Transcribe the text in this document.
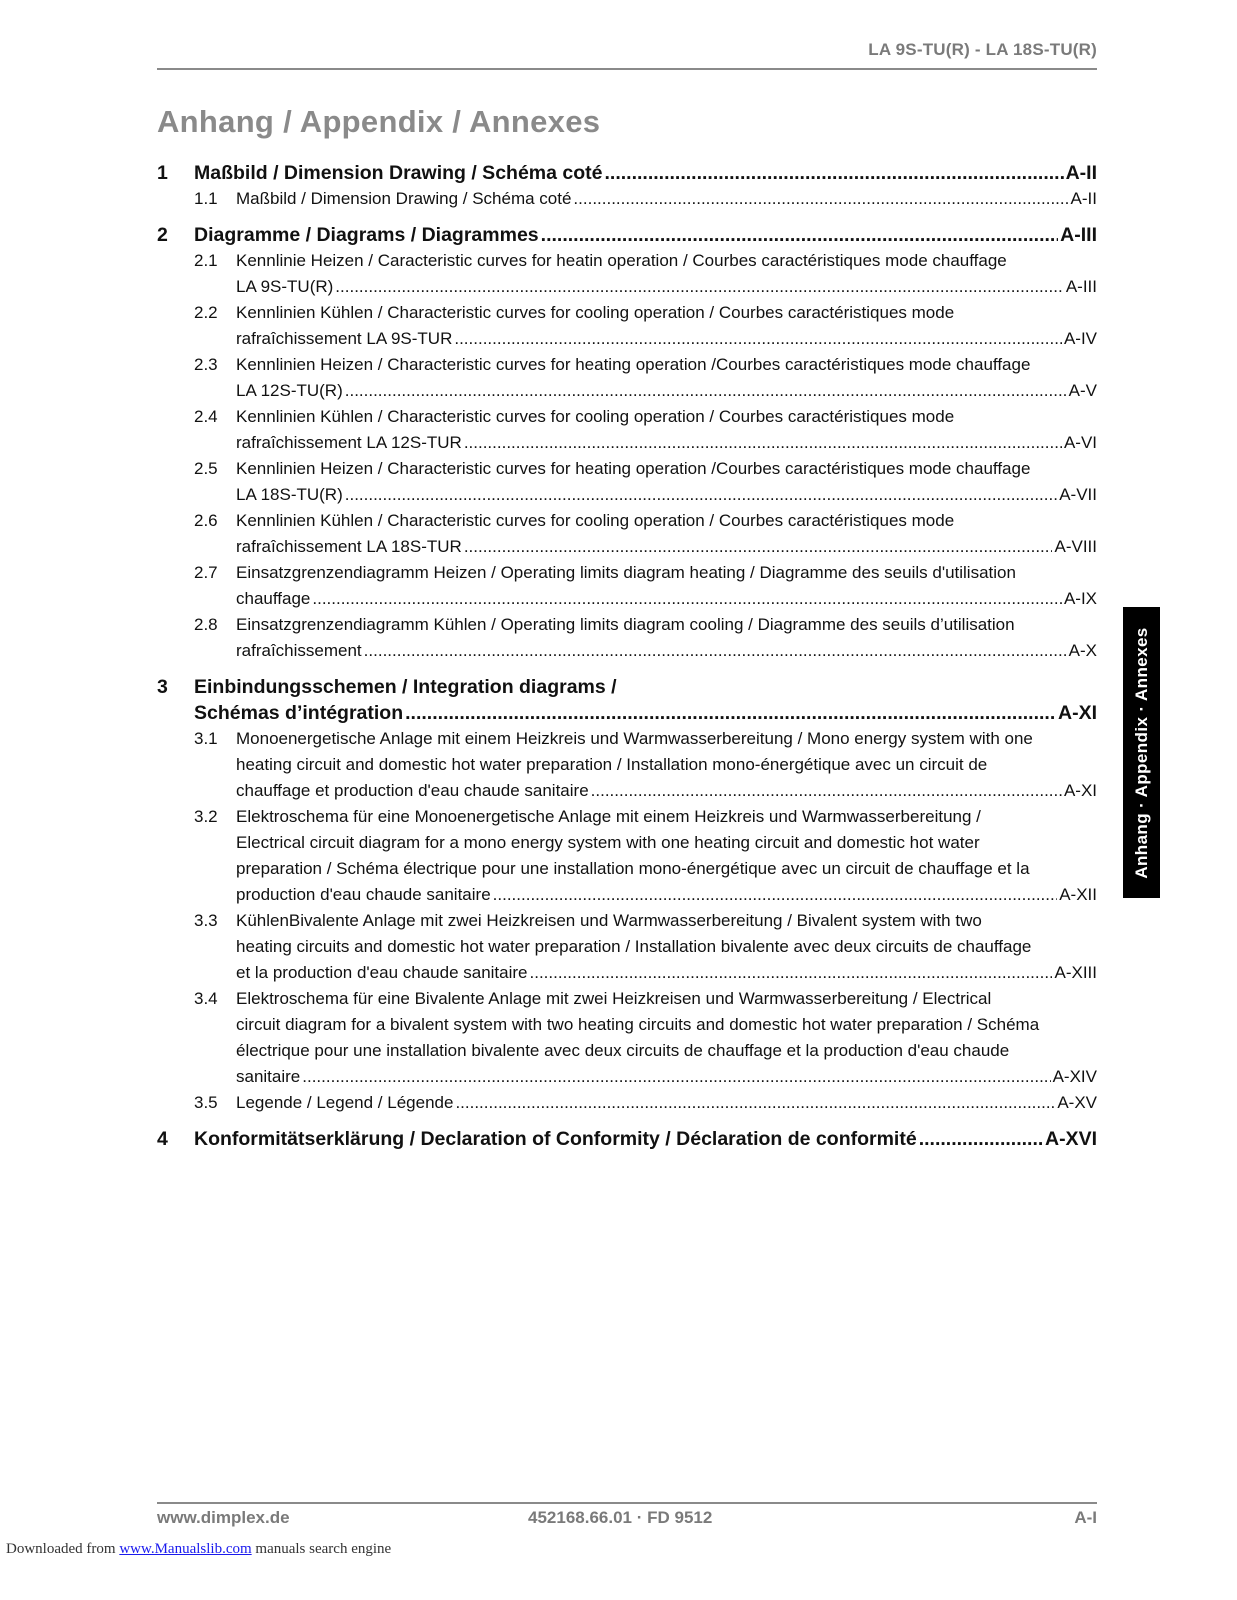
LA 9S-TU(R) - LA 18S-TU(R)
Anhang / Appendix / Annexes
1	Maßbild / Dimension Drawing / Schéma coté .....	A-II
1.1	Maßbild / Dimension Drawing / Schéma coté .....	A-II
2	Diagramme / Diagrams / Diagrammes .....	A-III
2.1	Kennlinie Heizen / Caracteristic curves for heatin operation / Courbes caractéristiques mode chauffage
LA 9S-TU(R) .....	A-III
2.2	Kennlinien Kühlen / Characteristic curves for cooling operation / Courbes caractéristiques mode
rafraîchissement LA 9S-TUR .....	A-IV
2.3	Kennlinien Heizen / Characteristic curves for heating operation /Courbes caractéristiques mode chauffage
LA 12S-TU(R) .....	A-V
2.4	Kennlinien Kühlen / Characteristic curves for cooling operation / Courbes caractéristiques mode
rafraîchissement LA 12S-TUR .....	A-VI
2.5	Kennlinien Heizen / Characteristic curves for heating operation /Courbes caractéristiques mode chauffage
LA 18S-TU(R) .....	A-VII
2.6	Kennlinien Kühlen / Characteristic curves for cooling operation / Courbes caractéristiques mode
rafraîchissement LA 18S-TUR .....	A-VIII
2.7	Einsatzgrenzendiagramm Heizen / Operating limits diagram heating / Diagramme des seuils d'utilisation
chauffage .....	A-IX
2.8	Einsatzgrenzendiagramm Kühlen / Operating limits diagram cooling / Diagramme des seuils d’utilisation
rafraîchissement .....	A-X
3	Einbindungsschemen / Integration diagrams /
Schémas d’intégration .....	A-XI
3.1	Monoenergetische Anlage mit einem Heizkreis und Warmwasserbereitung / Mono energy system with one
heating circuit and domestic hot water preparation / Installation mono-énergétique avec un circuit de
chauffage et production d'eau chaude sanitaire .....	A-XI
3.2	Elektroschema für eine Monoenergetische Anlage mit einem Heizkreis und Warmwasserbereitung /
Electrical circuit diagram for a mono energy system with one heating circuit and domestic hot water
preparation / Schéma électrique pour une installation mono-énergétique avec un circuit de chauffage et la
production d'eau chaude sanitaire .....	A-XII
3.3	KühlenBivalente Anlage mit zwei Heizkreisen und Warmwasserbereitung / Bivalent system with two
heating circuits and domestic hot water preparation / Installation bivalente avec deux circuits de chauffage
et la production d'eau chaude sanitaire .....	A-XIII
3.4	Elektroschema für eine Bivalente Anlage mit zwei Heizkreisen und Warmwasserbereitung / Electrical
circuit diagram for a bivalent system with two heating circuits and domestic hot water preparation / Schéma
électrique pour une installation bivalente avec deux circuits de chauffage et la production d'eau chaude
sanitaire .....	A-XIV
3.5	Legende / Legend / Légende .....	A-XV
4	Konformitätserklärung / Declaration of Conformity / Déclaration de conformité .....	A-XVI
Anhang · Appendix · Annexes
www.dimplex.de	452168.66.01 · FD 9512	A-I
Downloaded from www.Manualslib.com manuals search engine
